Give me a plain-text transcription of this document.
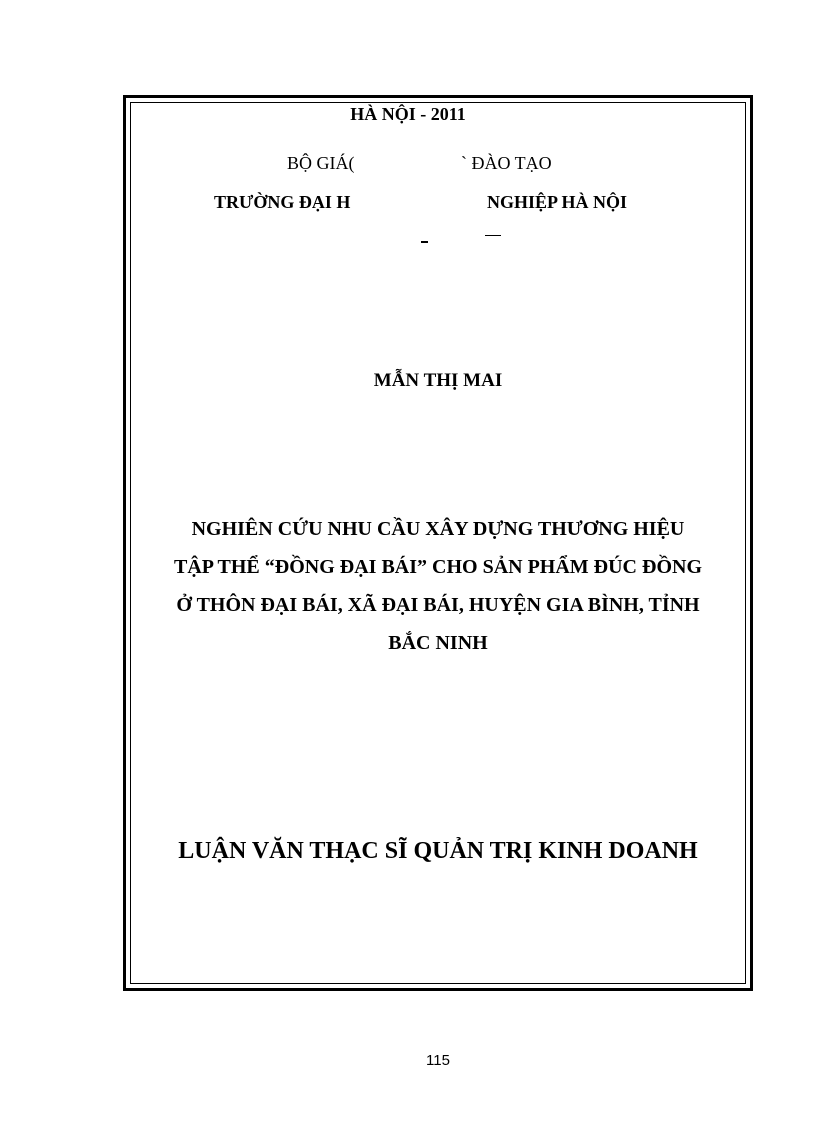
HÀ NỘI - 2011
BỘ GIÁ(	` ĐÀO TẠO
TRƯỜNG ĐẠI H	NGHIỆP HÀ NỘI
MẪN THỊ MAI
NGHIÊN CỨU NHU CẦU XÂY DỰNG THƯƠNG HIỆU
TẬP THỂ “ĐỒNG ĐẠI BÁI” CHO SẢN PHẨM ĐÚC ĐỒNG
Ở THÔN ĐẠI BÁI, XÃ ĐẠI BÁI, HUYỆN GIA BÌNH, TỈNH
BẮC NINH
LUẬN VĂN THẠC SĨ QUẢN TRỊ KINH DOANH
115
